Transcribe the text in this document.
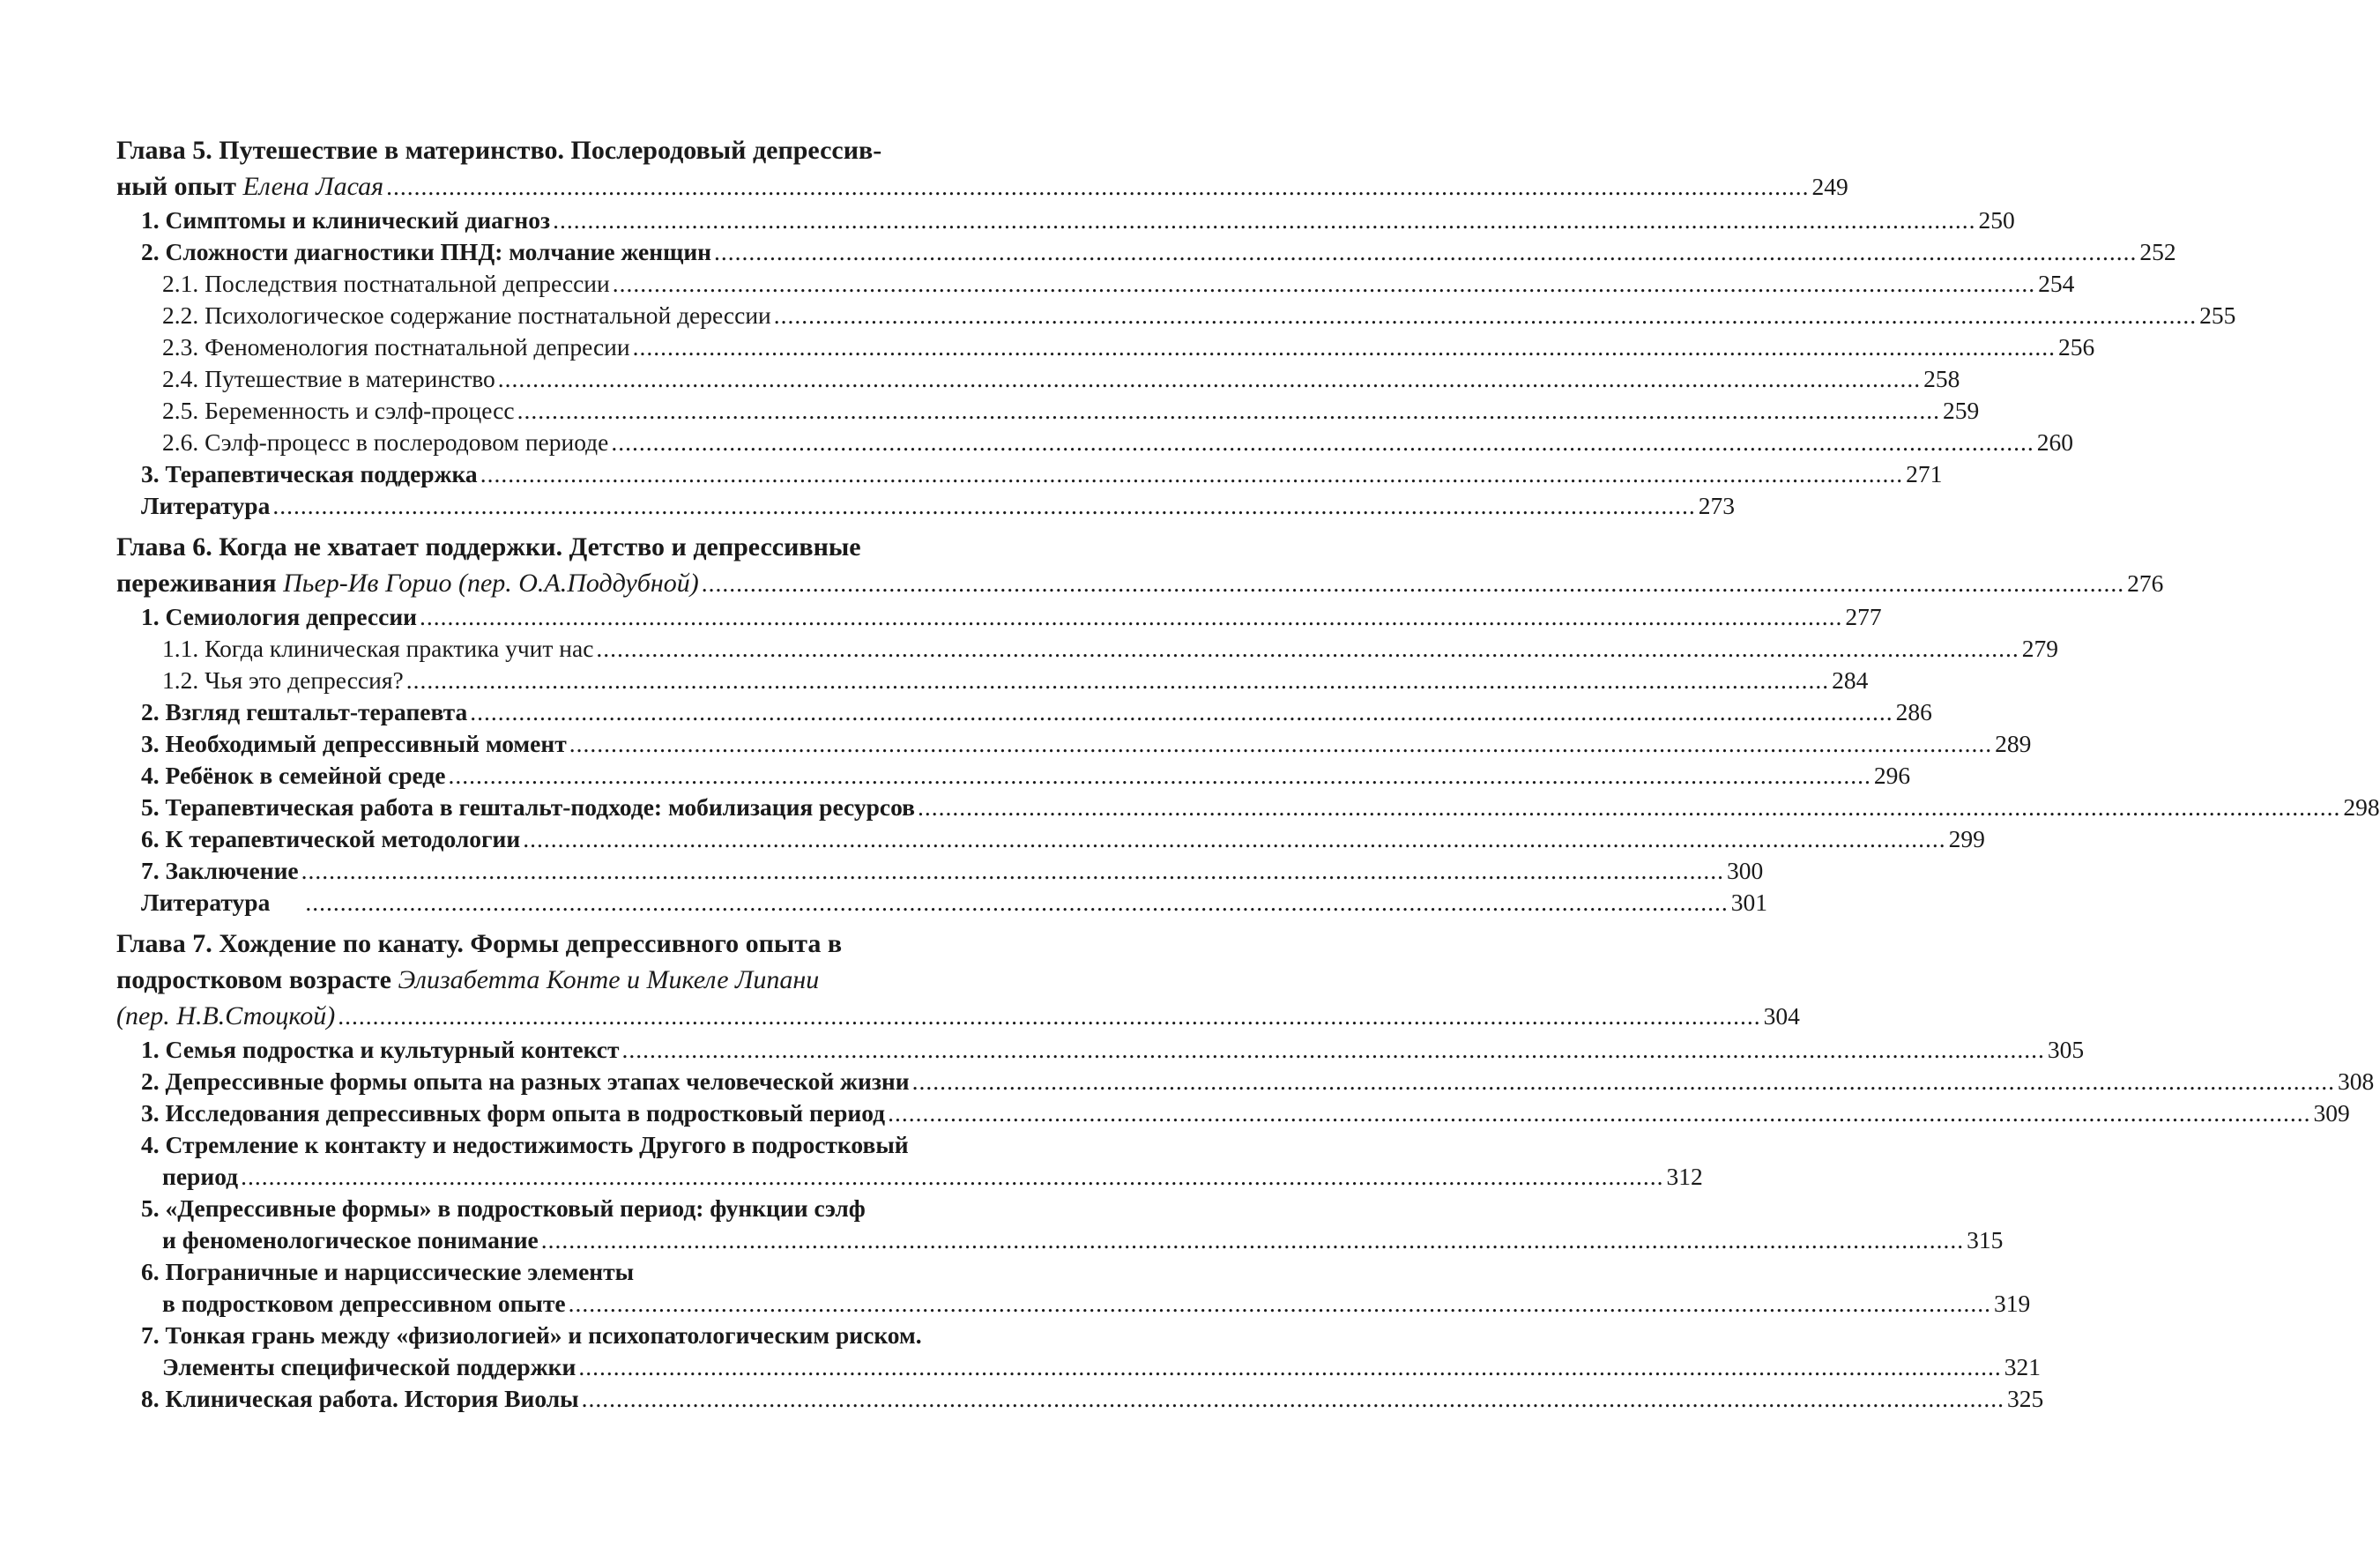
Глава 5. Путешествие в материнство. Послеродовый депрессив-
ный опыт Елена Ласая .....	249
1. Симптомы и клинический диагноз .....	250
2. Сложности диагностики ПНД: молчание женщин .....	252
2.1. Последствия постнатальной депрессии .....	254
2.2. Психологическое содержание постнатальной дерессии .....	255
2.3. Феноменология постнатальной депресии .....	256
2.4. Путешествие в материнство .....	258
2.5. Беременность и сэлф-процесс .....	259
2.6. Сэлф-процесс в послеродовом периоде .....	260
3. Терапевтическая поддержка .....	271
Литература .....	273
Глава 6. Когда не хватает поддержки. Детство и депрессивные
переживания Пьер-Ив Горио (пер. О.А.Поддубной) .....	276
1. Семиология депрессии .....	277
1.1. Когда клиническая практика учит нас .....	279
1.2. Чья это депрессия? .....	284
2. Взгляд гештальт-терапевта .....	286
3. Необходимый депрессивный момент .....	289
4. Ребёнок в семейной среде .....	296
5. Терапевтическая работа в гештальт-подходе: мобилизация ресурсов .....	298
6. К терапевтической методологии .....	299
7. Заключение .....	300
Литература .....	301
Глава 7. Хождение по канату. Формы депрессивного опыта в
подростковом возрасте Элизабетта Конте и Микеле Липани
(пер. Н.В.Стоцкой) .....	304
1. Семья подростка и культурный контекст .....	305
2. Депрессивные формы опыта на разных этапах человеческой жизни .....	308
3. Исследования депрессивных форм опыта в подростковый период .....	309
4. Стремление к контакту и недостижимость Другого в подростковый
период .....	312
5. «Депрессивные формы» в подростковый период: функции сэлф
и феноменологическое понимание .....	315
6. Пограничные и нарциссические элементы
в подростковом депрессивном опыте .....	319
7. Тонкая грань между «физиологией» и психопатологическим риском.
Элементы специфической поддержки .....	321
8. Клиническая работа. История Виолы .....	325
